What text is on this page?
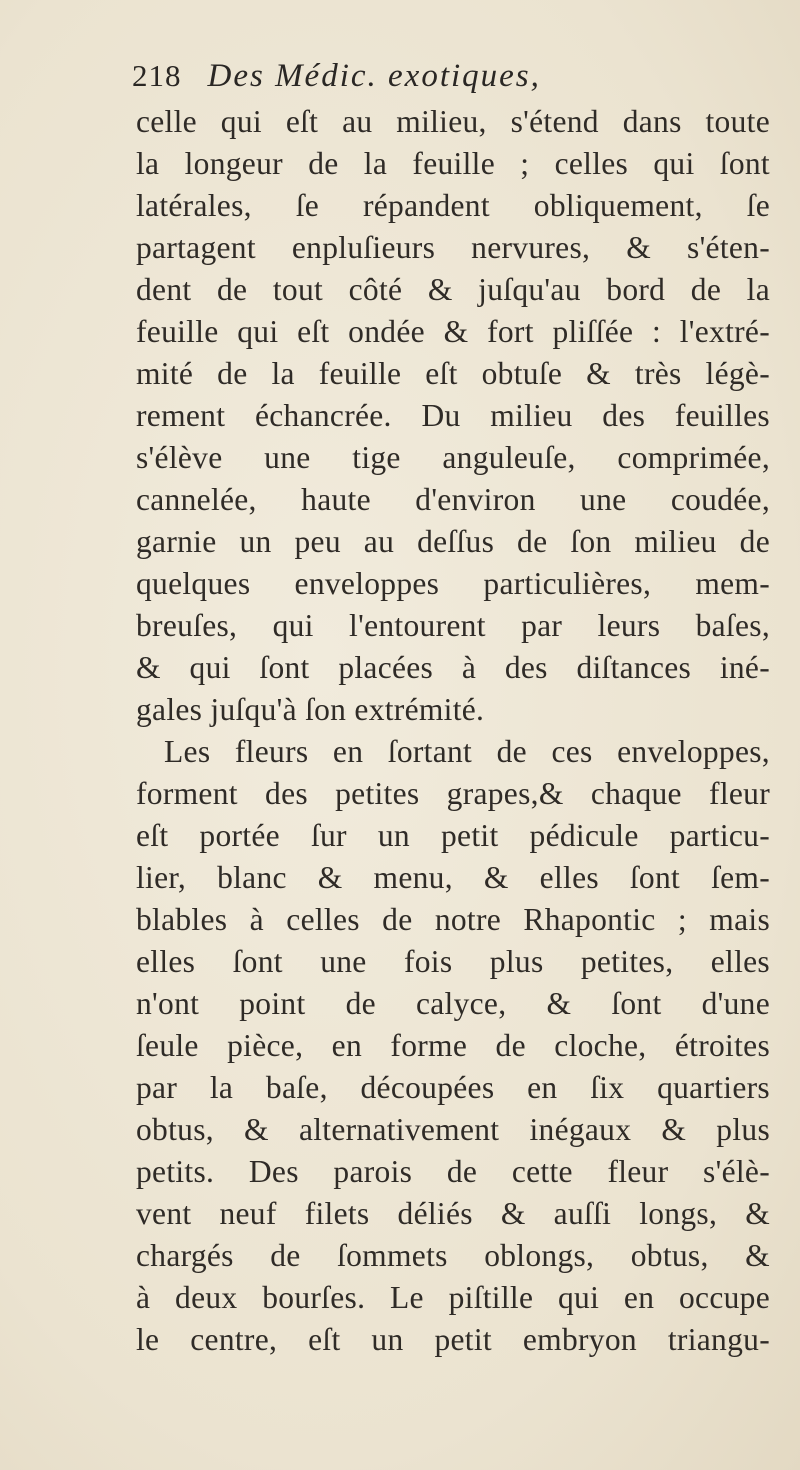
218 Des Médic. exotiques,
celle qui eſt au milieu, s'étend dans toute
la longeur de la feuille ; celles qui ſont
latérales, ſe répandent obliquement, ſe
partagent enpluſieurs nervures, & s'éten-
dent de tout côté & juſqu'au bord de la
feuille qui eſt ondée & fort pliſſée : l'extré-
mité de la feuille eſt obtuſe & très légè-
rement échancrée. Du milieu des feuilles
s'élève une tige anguleuſe, comprimée,
cannelée, haute d'environ une coudée,
garnie un peu au deſſus de ſon milieu de
quelques enveloppes particulières, mem-
breuſes, qui l'entourent par leurs baſes,
& qui ſont placées à des diſtances iné-
gales juſqu'à ſon extrémité.
Les fleurs en ſortant de ces enveloppes,
forment des petites grapes,& chaque fleur
eſt portée ſur un petit pédicule particu-
lier, blanc & menu, & elles ſont ſem-
blables à celles de notre Rhapontic ; mais
elles ſont une fois plus petites, elles
n'ont point de calyce, & ſont d'une
ſeule pièce, en forme de cloche, étroites
par la baſe, découpées en ſix quartiers
obtus, & alternativement inégaux & plus
petits. Des parois de cette fleur s'élè-
vent neuf filets déliés & auſſi longs, &
chargés de ſommets oblongs, obtus, &
à deux bourſes. Le piſtille qui en occupe
le centre, eſt un petit embryon triangu-
